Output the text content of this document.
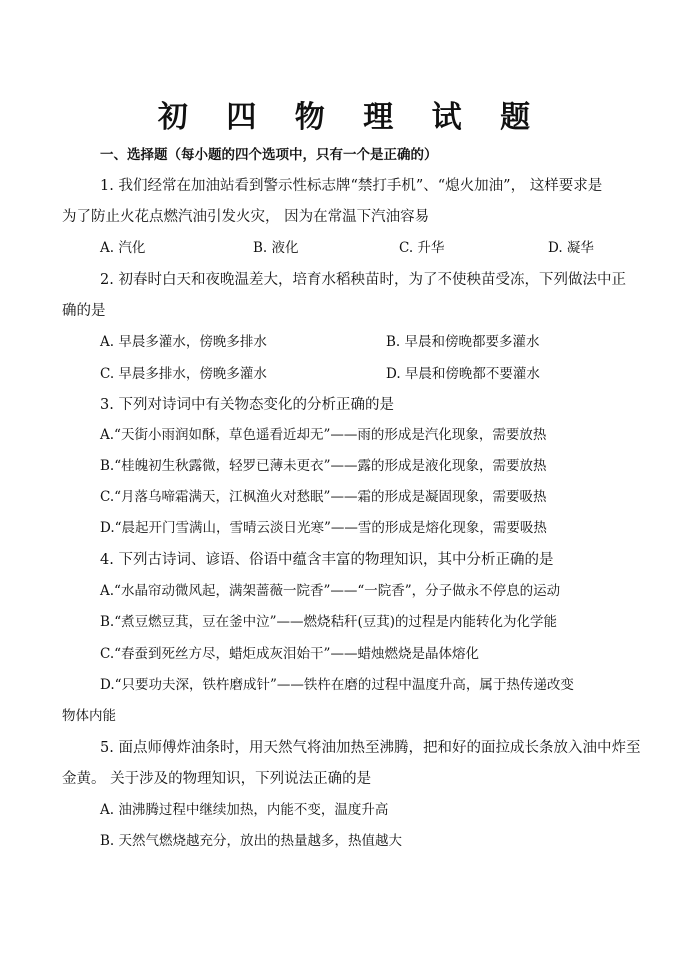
初 四 物 理 试 题
一、选择题（每小题的四个选项中，只有一个是正确的）
1. 我们经常在加油站看到警示性标志牌“禁打手机”、“熄火加油”， 这样要求是
为了防止火花点燃汽油引发火灾， 因为在常温下汽油容易
A. 汽化	B. 液化	C. 升华	D. 凝华
2. 初春时白天和夜晚温差大，培育水稻秧苗时，为了不使秧苗受冻，下列做法中正
确的是
A. 早晨多灌水，傍晚多排水	B. 早晨和傍晚都要多灌水
C. 早晨多排水，傍晚多灌水	D. 早晨和傍晚都不要灌水
3. 下列对诗词中有关物态变化的分析正确的是
A.“天街小雨润如酥，草色遥看近却无”——雨的形成是汽化现象，需要放热
B.“桂魄初生秋露微，轻罗已薄未更衣”——露的形成是液化现象，需要放热
C.“月落乌啼霜满天，江枫渔火对愁眠”——霜的形成是凝固现象，需要吸热
D.“晨起开门雪满山，雪晴云淡日光寒”——雪的形成是熔化现象，需要吸热
4. 下列古诗词、谚语、俗语中蕴含丰富的物理知识，其中分析正确的是
A.“水晶帘动微风起，满架蔷薇一院香”——“一院香”，分子做永不停息的运动
B.“煮豆燃豆萁，豆在釜中泣”——燃烧秸秆(豆萁)的过程是内能转化为化学能
C.“春蚕到死丝方尽，蜡炬成灰泪始干”——蜡烛燃烧是晶体熔化
D.“只要功夫深，铁杵磨成针”——铁杵在磨的过程中温度升高，属于热传递改变
物体内能
5. 面点师傅炸油条时，用天然气将油加热至沸腾，把和好的面拉成长条放入油中炸至
金黄。 关于涉及的物理知识，下列说法正确的是
A. 油沸腾过程中继续加热，内能不变，温度升高
B. 天然气燃烧越充分，放出的热量越多，热值越大
